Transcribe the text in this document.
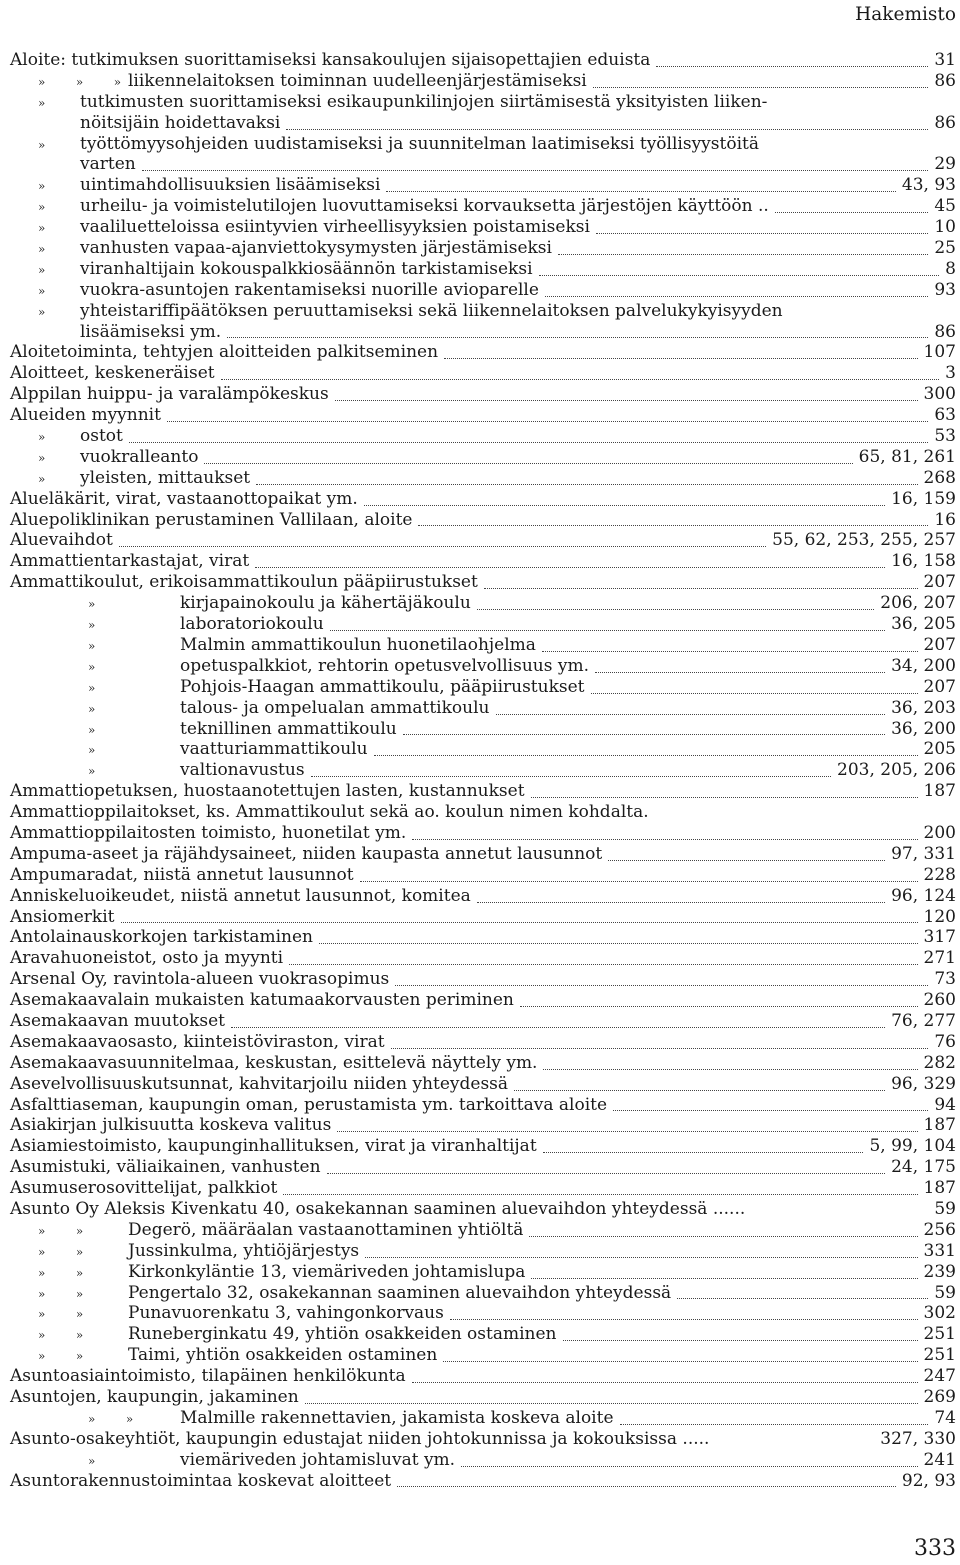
Hakemisto
Aloite: tutkimuksen suorittamiseksi kansakoulujen sijaisopettajien eduista	31
»        »        » liikennelaitoksen toiminnan uudelleenjärjestämiseksi	86
» tutkimusten suorittamiseksi esikaupunkilinjojen siirtämisestä yksityisten liiken-
nöitsijäin hoidettavaksi	86
» työttömyysohjeiden uudistamiseksi ja suunnitelman laatimiseksi työllisyystöitä
varten	29
» uintimahdollisuuksien lisäämiseksi	43, 93
» urheilu- ja voimistelutilojen luovuttamiseksi korvauksetta järjestöjen käyttöön ..	45
» vaaliluetteloissa esiintyvien virheellisyyksien poistamiseksi	10
» vanhusten vapaa-ajanviettokysymysten järjestämiseksi	25
» viranhaltijain kokouspalkkiosäännön tarkistamiseksi	8
» vuokra-asuntojen rakentamiseksi nuorille avioparelle	93
» yhteistariffipäätöksen peruuttamiseksi sekä liikennelaitoksen palvelukykyisyyden
lisäämiseksi ym.	86
Aloitetoiminta, tehtyjen aloitteiden palkitseminen	107
Aloitteet, keskeneräiset	3
Alppilan huippu- ja varalämpökeskus	300
Alueiden myynnit	63
» ostot	53
» vuokralleanto	65, 81, 261
» yleisten, mittaukset	268
Alueläkärit, virat, vastaanottopaikat ym.	16, 159
Aluepoliklinikan perustaminen Vallilaan, aloite	16
Aluevaihdot	55, 62, 253, 255, 257
Ammattientarkastajat, virat	16, 158
Ammattikoulut, erikoisammattikoulun pääpiirustukset	207
»	kirjapainokoulu ja kähertäjäkoulu	206, 207
»	laboratoriokoulu	36, 205
»	Malmin ammattikoulun huonetilaohjelma	207
»	opetuspalkkiot, rehtorin opetusvelvollisuus ym.	34, 200
»	Pohjois-Haagan ammattikoulu, pääpiirustukset	207
»	talous- ja ompelualan ammattikoulu	36, 203
»	teknillinen ammattikoulu	36, 200
»	vaatturiammattikoulu	205
»	valtionavustus	203, 205, 206
Ammattiopetuksen, huostaanotettujen lasten, kustannukset	187
Ammattioppilaitokset, ks. Ammattikoulut sekä ao. koulun nimen kohdalta.
Ammattioppilaitosten toimisto, huonetilat ym.	200
Ampuma-aseet ja räjähdysaineet, niiden kaupasta annetut lausunnot	97, 331
Ampumaradat, niistä annetut lausunnot	228
Anniskeluoikeudet, niistä annetut lausunnot, komitea	96, 124
Ansiomerkit	120
Antolainauskorkojen tarkistaminen	317
Aravahuoneistot, osto ja myynti	271
Arsenal Oy, ravintola-alueen vuokrasopimus	73
Asemakaavalain mukaisten katumaakorvausten periminen	260
Asemakaavan muutokset	76, 277
Asemakaavaosasto, kiinteistöviraston, virat	76
Asemakaavasuunnitelmaa, keskustan, esittelevä näyttely ym.	282
Asevelvollisuuskutsunnat, kahvitarjoilu niiden yhteydessä	96, 329
Asfalttiaseman, kaupungin oman, perustamista ym. tarkoittava aloite	94
Asiakirjan julkisuutta koskeva valitus	187
Asiamiestoimisto, kaupunginhallituksen, virat ja viranhaltijat	5, 99, 104
Asumistuki, väliaikainen, vanhusten	24, 175
Asumuserosovittelijat, palkkiot	187
Asunto Oy Aleksis Kivenkatu 40, osakekannan saaminen aluevaihdon yhteydessä ......	59
»        »	Degerö, määräalan vastaanottaminen yhtiöltä	256
»        »	Jussinkulma, yhtiöjärjestys	331
»        »	Kirkonkyläntie 13, viemäriveden johtamislupa	239
»        »	Pengertalo 32, osakekannan saaminen aluevaihdon yhteydessä	59
»        »	Punavuorenkatu 3, vahingonkorvaus	302
»        »	Runeberginkatu 49, yhtiön osakkeiden ostaminen	251
»        »	Taimi, yhtiön osakkeiden ostaminen	251
Asuntoasiaintoimisto, tilapäinen henkilökunta	247
Asuntojen, kaupungin, jakaminen	269
»        »	Malmille rakennettavien, jakamista koskeva aloite	74
Asunto-osakeyhtiöt, kaupungin edustajat niiden johtokunnissa ja kokouksissa .....	327, 330
»	viemäriveden johtamisluvat ym.	241
Asuntorakennustoimintaa koskevat aloitteet	92, 93
333
